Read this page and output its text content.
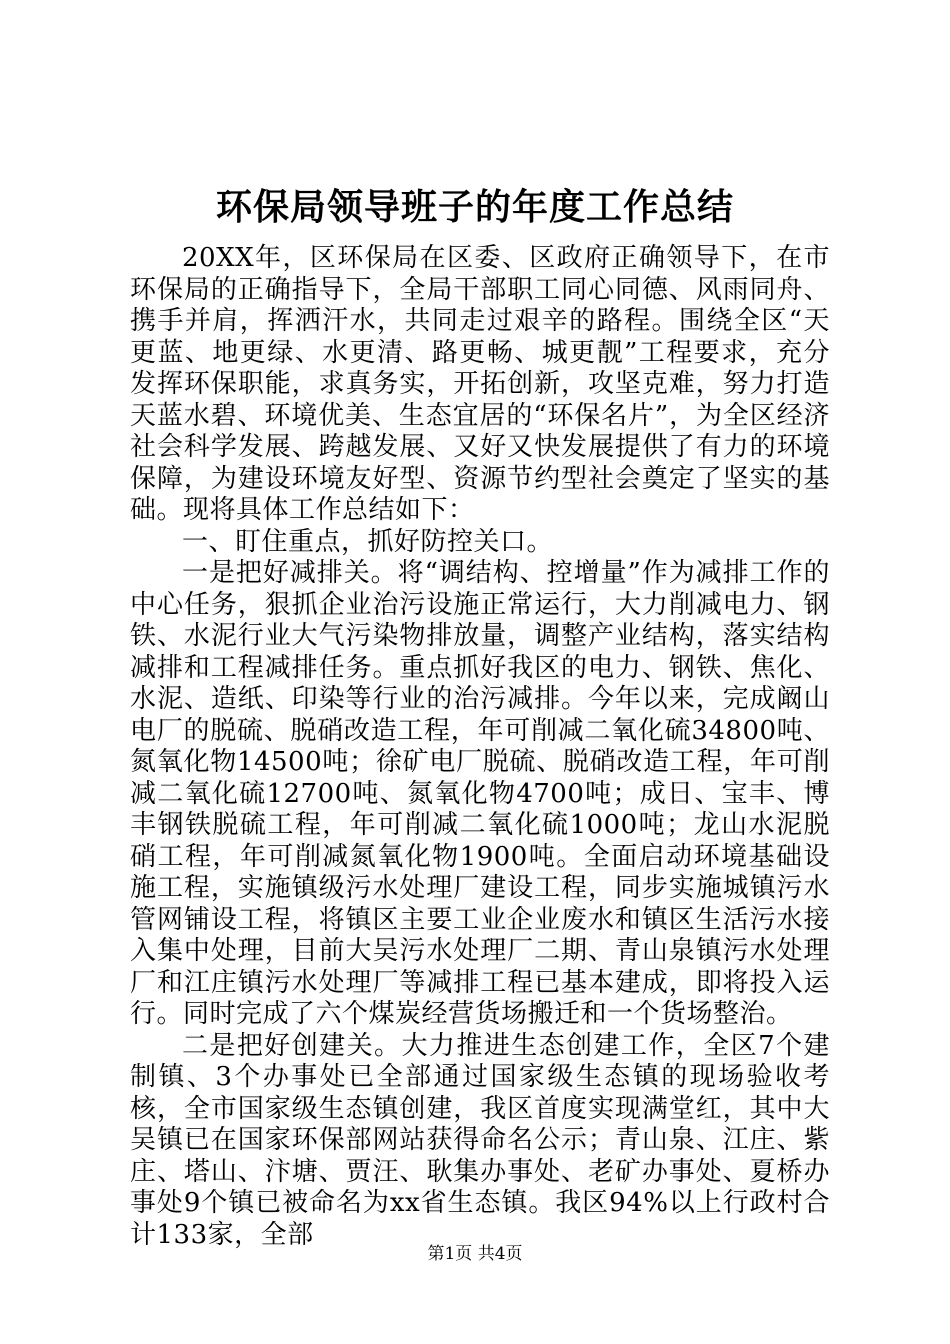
环保局领导班子的年度工作总结

20XX年，区环保局在区委、区政府正确领导下，在市环保局的正确指导下，全局干部职工同心同德、风雨同舟、携手并肩，挥洒汗水，共同走过艰辛的路程。围绕全区“天更蓝、地更绿、水更清、路更畅、城更靓”工程要求，充分发挥环保职能，求真务实，开拓创新，攻坚克难，努力打造天蓝水碧、环境优美、生态宜居的“环保名片”，为全区经济社会科学发展、跨越发展、又好又快发展提供了有力的环境保障，为建设环境友好型、资源节约型社会奠定了坚实的基础。现将具体工作总结如下：

一、盯住重点，抓好防控关口。

一是把好减排关。将“调结构、控增量”作为减排工作的中心任务，狠抓企业治污设施正常运行，大力削减电力、钢铁、水泥行业大气污染物排放量，调整产业结构，落实结构减排和工程减排任务。重点抓好我区的电力、钢铁、焦化、水泥、造纸、印染等行业的治污减排。今年以来，完成阚山电厂的脱硫、脱硝改造工程，年可削减二氧化硫34800吨、氮氧化物14500吨；徐矿电厂脱硫、脱硝改造工程，年可削减二氧化硫12700吨、氮氧化物4700吨；成日、宝丰、博丰钢铁脱硫工程，年可削减二氧化硫1000吨；龙山水泥脱硝工程，年可削减氮氧化物1900吨。全面启动环境基础设施工程，实施镇级污水处理厂建设工程，同步实施城镇污水管网铺设工程，将镇区主要工业企业废水和镇区生活污水接入集中处理，目前大吴污水处理厂二期、青山泉镇污水处理厂和江庄镇污水处理厂等减排工程已基本建成，即将投入运行。同时完成了六个煤炭经营货场搬迁和一个货场整治。

二是把好创建关。大力推进生态创建工作，全区7个建制镇、3个办事处已全部通过国家级生态镇的现场验收考核，全市国家级生态镇创建，我区首度实现满堂红，其中大吴镇已在国家环保部网站获得命名公示；青山泉、江庄、紫庄、塔山、汴塘、贾汪、耿集办事处、老矿办事处、夏桥办事处9个镇已被命名为xx省生态镇。我区94%以上行政村合计133家，全部

第1页 共4页
